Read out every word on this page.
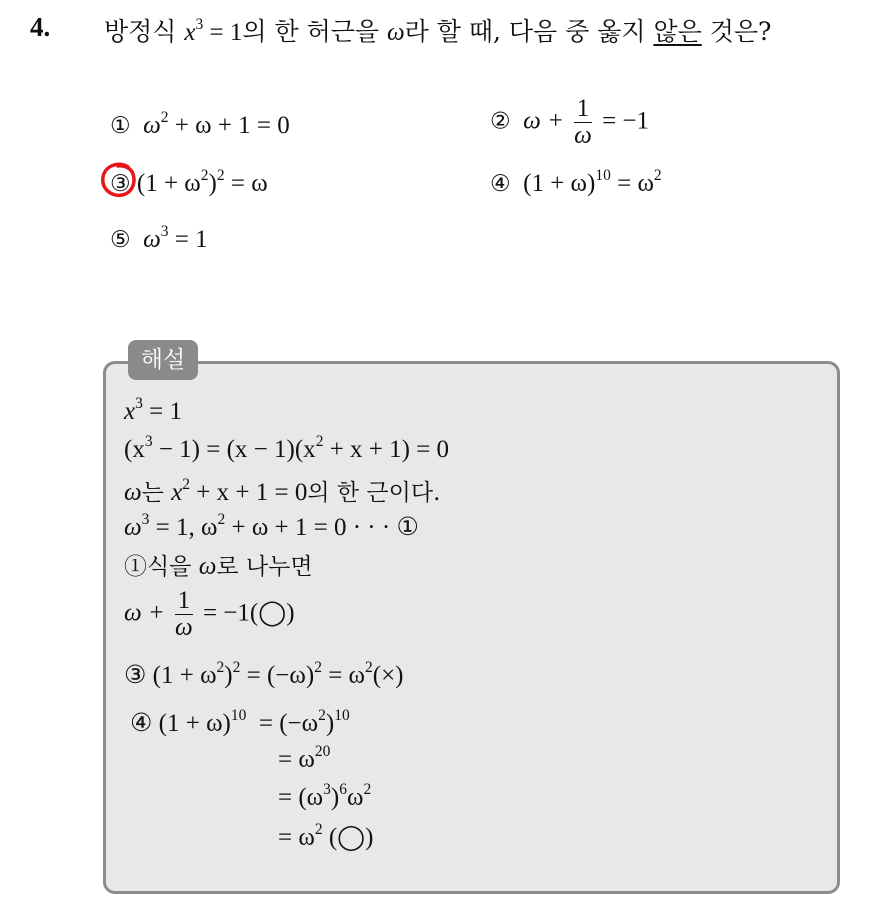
4. 방정식 $x^3 = 1$의 한 허근을 ω라 할 때, 다음 중 옳지 않은 것은?
① $\omega^2 + \omega + 1 = 0$	② $\omega + \frac{1}{\omega} = -1$
③ $(1 + \omega^2)^2 = \omega$	④ $(1 + \omega)^{10} = \omega^2$
⑤ $\omega^3 = 1$
해설
$x^3 = 1$
$(x^3 - 1) = (x - 1)(x^2 + x + 1) = 0$
ω는 $x^2 + x + 1 = 0$의 한 근이다.
$\omega^3 = 1$, $\omega^2 + \omega + 1 = 0$ · · · ①
①식을 ω로 나누면
$\omega + \frac{1}{\omega}$ = −1(◯)
③ $(1 + \omega^2)^2 = (-\omega)^2 = \omega^2(\times)$
④ $(1 + \omega)^{10} = (-\omega^2)^{10}$
= $\omega^{20}$
= $(\omega^3)^6\omega^2$
= $\omega^2$ (◯)
